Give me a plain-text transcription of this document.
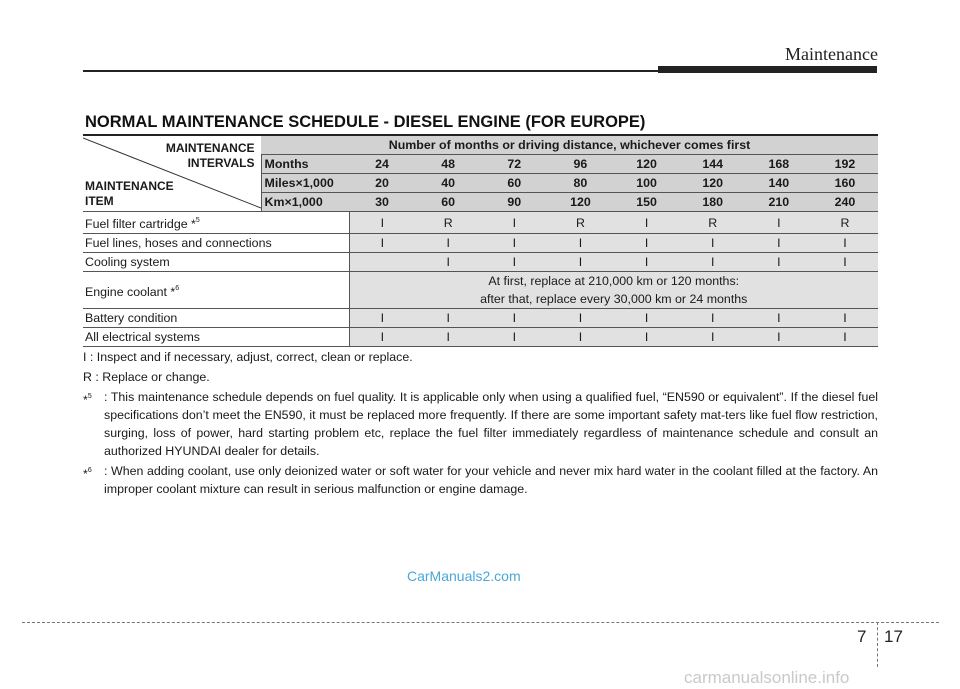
Maintenance
NORMAL MAINTENANCE SCHEDULE - DIESEL ENGINE (FOR EUROPE)
MAINTENANCE
INTERVALS
MAINTENANCE
ITEM	Number of months or driving distance, whichever comes first								
	Months	24	48	72	96	120	144	168	192
	Miles×1,000	20	40	60	80	100	120	140	160
	Km×1,000	30	60	90	120	150	180	210	240
Fuel filter cartridge *$^5$		I	R	I	R	I	R	I	R
Fuel lines, hoses and connections		I	I	I	I	I	I	I	I
Cooling system			I	I	I	I	I	I	I
Engine coolant *$^6$		At first, replace at 210,000 km or 120 months:
after that, replace every 30,000 km or 24 months							

Battery condition		I	I	I	I	I	I	I	I
All electrical systems		I	I	I	I	I	I	I	I

I : Inspect and if necessary, adjust, correct, clean or replace.

R : Replace or change.

*$^5$ : This maintenance schedule depends on fuel quality. It is applicable only when using a qualified fuel, “EN590 or equivalent”. If the diesel fuel specifications don’t meet the EN590, it must be replaced more frequently. If there are some important safety mat-ters like fuel flow restriction, surging, loss of power, hard starting problem etc, replace the fuel filter immediately regardless of maintenance schedule and consult an authorized HYUNDAI dealer for details.
*$^6$ : When adding coolant, use only deionized water or soft water for your vehicle and never mix hard water in the coolant filled at the factory. An improper coolant mixture can result in serious malfunction or engine damage.
CarManuals2.com
7 17
carmanualsonline.info
